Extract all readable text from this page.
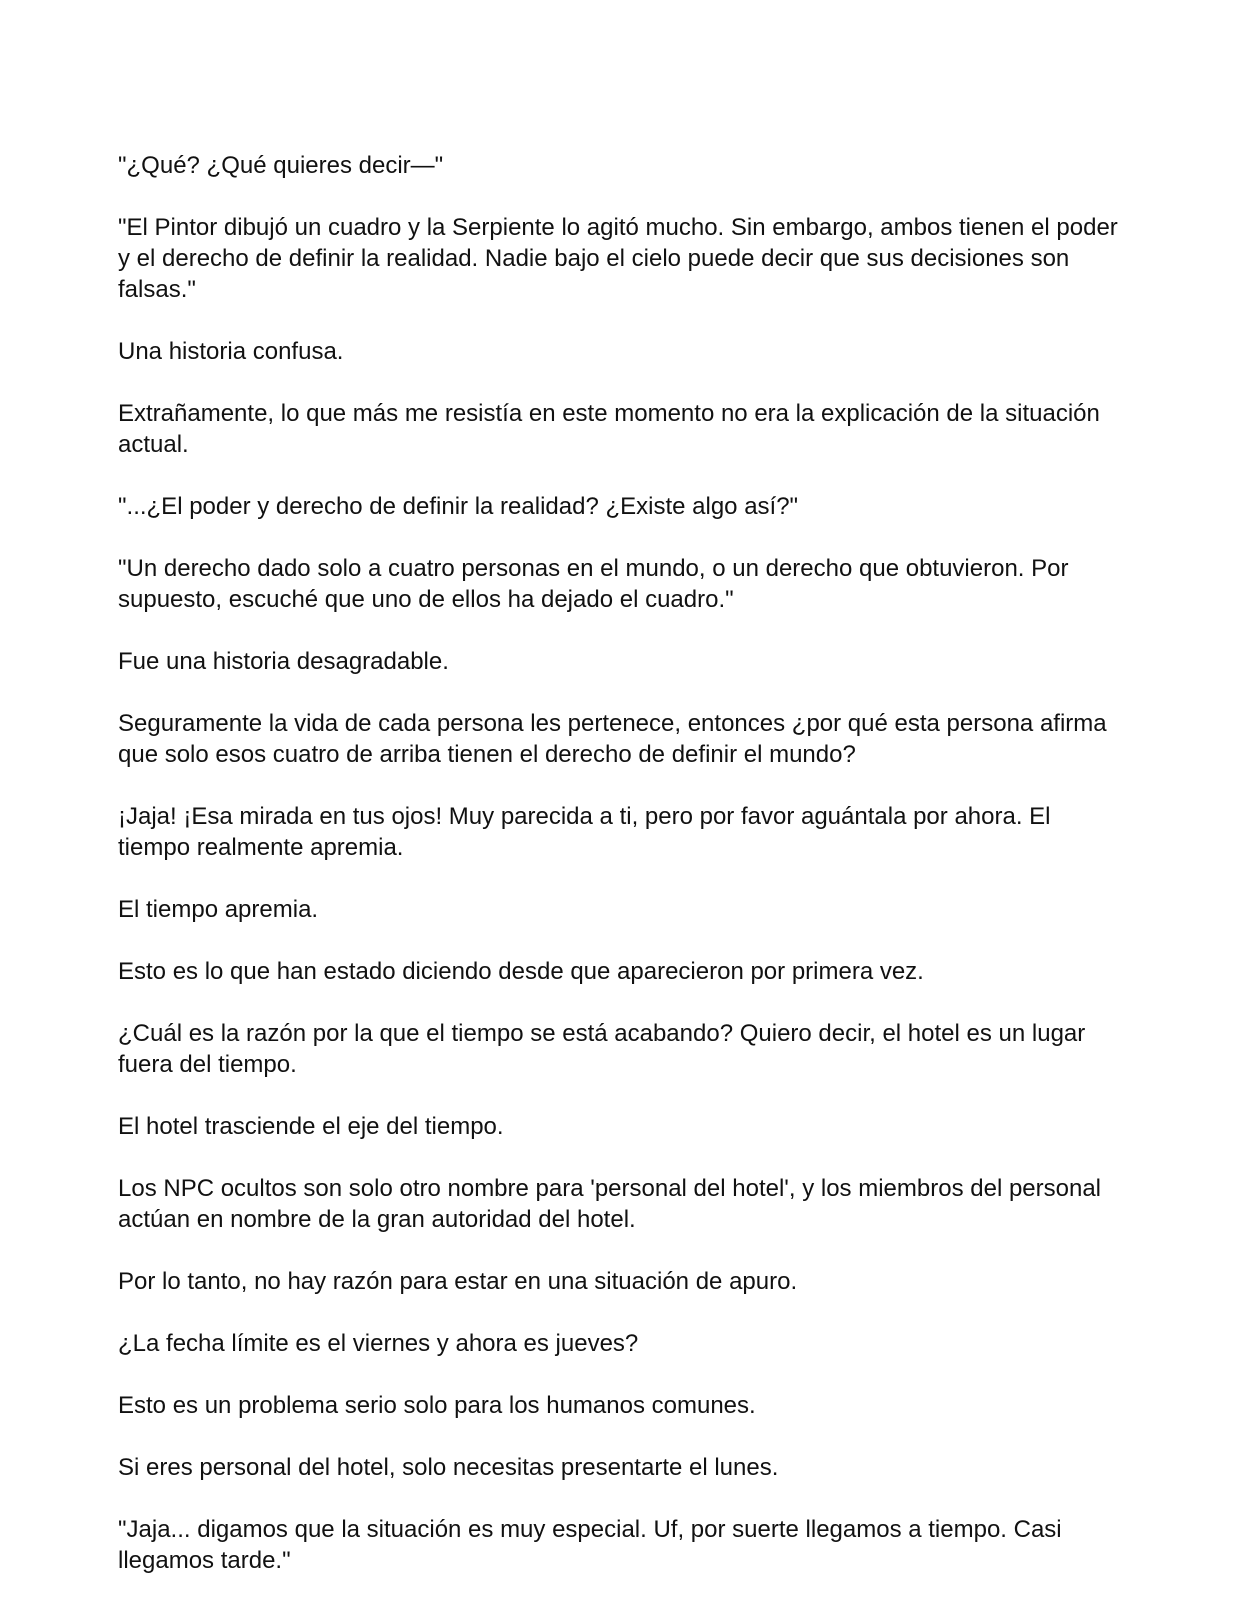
"¿Qué? ¿Qué quieres decir—"

"El Pintor dibujó un cuadro y la Serpiente lo agitó mucho. Sin embargo, ambos tienen el poder y el derecho de definir la realidad. Nadie bajo el cielo puede decir que sus decisiones son falsas."

Una historia confusa.

Extrañamente, lo que más me resistía en este momento no era la explicación de la situación actual.

"...¿El poder y derecho de definir la realidad? ¿Existe algo así?"

"Un derecho dado solo a cuatro personas en el mundo, o un derecho que obtuvieron. Por supuesto, escuché que uno de ellos ha dejado el cuadro."

Fue una historia desagradable.

Seguramente la vida de cada persona les pertenece, entonces ¿por qué esta persona afirma que solo esos cuatro de arriba tienen el derecho de definir el mundo?

¡Jaja! ¡Esa mirada en tus ojos! Muy parecida a ti, pero por favor aguántala por ahora. El tiempo realmente apremia.

El tiempo apremia.

Esto es lo que han estado diciendo desde que aparecieron por primera vez.

¿Cuál es la razón por la que el tiempo se está acabando? Quiero decir, el hotel es un lugar fuera del tiempo.

El hotel trasciende el eje del tiempo.

Los NPC ocultos son solo otro nombre para 'personal del hotel', y los miembros del personal actúan en nombre de la gran autoridad del hotel.

Por lo tanto, no hay razón para estar en una situación de apuro.

¿La fecha límite es el viernes y ahora es jueves?

Esto es un problema serio solo para los humanos comunes.

Si eres personal del hotel, solo necesitas presentarte el lunes.

"Jaja... digamos que la situación es muy especial. Uf, por suerte llegamos a tiempo. Casi llegamos tarde."
